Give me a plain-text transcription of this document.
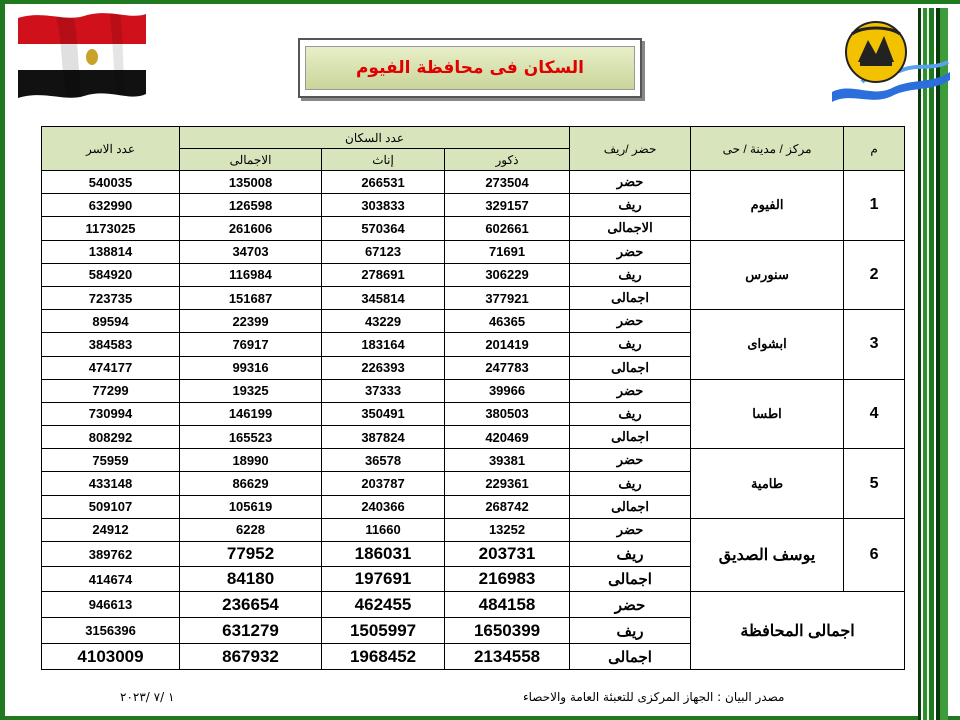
السكان فى محافظة الفيوم
م	مركز / مدينة / حى	حضر /ريف	عدد السكان			عدد الاسر
			ذكور	إناث	الاجمالى	
1	الفيوم	حضر	273504	266531	135008	540035
		ريف	329157	303833	126598	632990
		الاجمالى	602661	570364	261606	1173025
2	سنورس	حضر	71691	67123	34703	138814
		ريف	306229	278691	116984	584920
		اجمالى	377921	345814	151687	723735
3	ابشواى	حضر	46365	43229	22399	89594
		ريف	201419	183164	76917	384583
		اجمالى	247783	226393	99316	474177
4	اطسا	حضر	39966	37333	19325	77299
		ريف	380503	350491	146199	730994
		اجمالى	420469	387824	165523	808292
5	طامية	حضر	39381	36578	18990	75959
		ريف	229361	203787	86629	433148
		اجمالى	268742	240366	105619	509107
6	يوسف الصديق	حضر	13252	11660	6228	24912
		ريف	203731	186031	77952	389762
		اجمالى	216983	197691	84180	414674
اجمالى المحافظة		حضر	484158	462455	236654	946613
		ريف	1650399	1505997	631279	3156396
		اجمالى	2134558	1968452	867932	4103009
مصدر البيان : الجهاز المركزى للتعبئة العامة والاحصاء
١ /٧ /٢٠٢٣
